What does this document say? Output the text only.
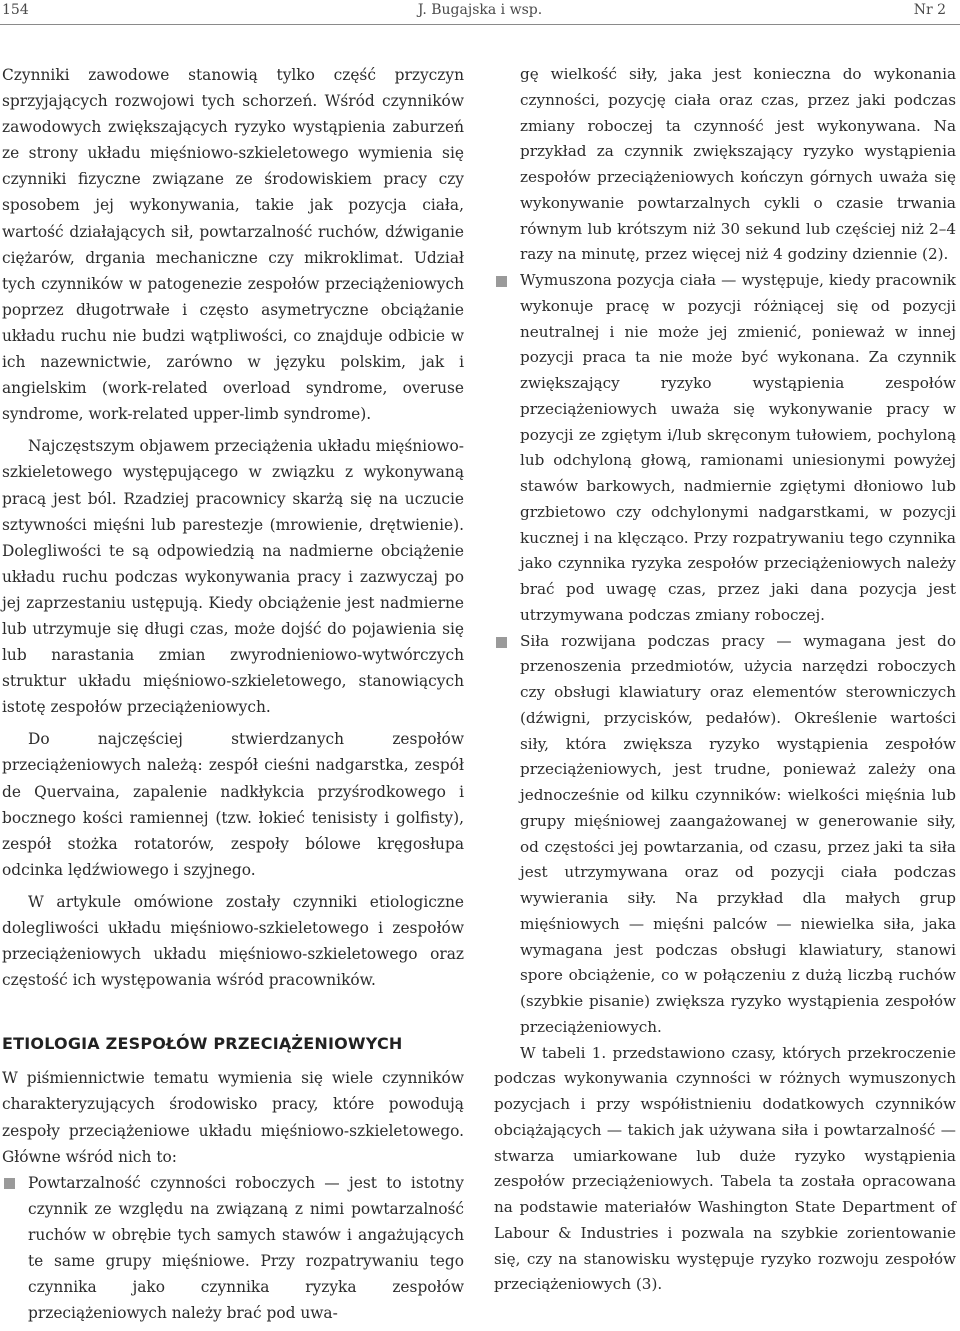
154	J. Bugajska i wsp.	Nr 2

Czynniki zawodowe stanowią tylko część przyczyn sprzyjających rozwojowi tych schorzeń. Wśród czynników zawodowych zwiększających ryzyko wystąpienia zaburzeń ze strony układu mięśniowo-szkieletowego wymienia się czynniki fizyczne związane ze środowiskiem pracy czy sposobem jej wykonywania, takie jak pozycja ciała, wartość działających sił, powtarzalność ruchów, dźwiganie ciężarów, drgania mechaniczne czy mikroklimat. Udział tych czynników w patogenezie zespołów przeciążeniowych poprzez długotrwałe i często asymetryczne obciążanie układu ruchu nie budzi wątpliwości, co znajduje odbicie w ich nazewnictwie, zarówno w języku polskim, jak i angielskim (work-related overload syndrome, overuse syndrome, work-related upper-limb syndrome).

Najczęstszym objawem przeciążenia układu mięśniowo-szkieletowego występującego w związku z wykonywaną pracą jest ból. Rzadziej pracownicy skarżą się na uczucie sztywności mięśni lub parestezje (mrowienie, drętwienie). Dolegliwości te są odpowiedzią na nadmierne obciążenie układu ruchu podczas wykonywania pracy i zazwyczaj po jej zaprzestaniu ustępują. Kiedy obciążenie jest nadmierne lub utrzymuje się długi czas, może dojść do pojawienia się lub narastania zmian zwyrodnieniowo-wytwórczych struktur układu mięśniowo-szkieletowego, stanowiących istotę zespołów przeciążeniowych.

Do najczęściej stwierdzanych zespołów przeciążeniowych należą: zespół cieśni nadgarstka, zespół de Quervaina, zapalenie nadkłykcia przyśrodkowego i bocznego kości ramiennej (tzw. łokieć tenisisty i golfisty), zespół stożka rotatorów, zespoły bólowe kręgosłupa odcinka lędźwiowego i szyjnego.

W artykule omówione zostały czynniki etiologiczne dolegliwości układu mięśniowo-szkieletowego i zespołów przeciążeniowych układu mięśniowo-szkieletowego oraz częstość ich występowania wśród pracowników.

ETIOLOGIA ZESPOŁÓW PRZECIĄŻENIOWYCH

W piśmiennictwie tematu wymienia się wiele czynników charakteryzujących środowisko pracy, które powodują zespoły przeciążeniowe układu mięśniowo-szkieletowego. Główne wśród nich to:

Powtarzalność czynności roboczych — jest to istotny czynnik ze względu na związaną z nimi powtarzalność ruchów w obrębie tych samych stawów i angażujących te same grupy mięśniowe. Przy rozpatrywaniu tego czynnika jako czynnika ryzyka zespołów przeciążeniowych należy brać pod uwa-

gę wielkość siły, jaka jest konieczna do wykonania czynności, pozycję ciała oraz czas, przez jaki podczas zmiany roboczej ta czynność jest wykonywana. Na przykład za czynnik zwiększający ryzyko wystąpienia zespołów przeciążeniowych kończyn górnych uważa się wykonywanie powtarzalnych cykli o czasie trwania równym lub krótszym niż 30 sekund lub częściej niż 2–4 razy na minutę, przez więcej niż 4 godziny dziennie (2).

Wymuszona pozycja ciała — występuje, kiedy pracownik wykonuje pracę w pozycji różniącej się od pozycji neutralnej i nie może jej zmienić, ponieważ w innej pozycji praca ta nie może być wykonana. Za czynnik zwiększający ryzyko wystąpienia zespołów przeciążeniowych uważa się wykonywanie pracy w pozycji ze zgiętym i/lub skręconym tułowiem, pochyloną lub odchyloną głową, ramionami uniesionymi powyżej stawów barkowych, nadmiernie zgiętymi dłoniowo lub grzbietowo czy odchylonymi nadgarstkami, w pozycji kucznej i na klęcząco. Przy rozpatrywaniu tego czynnika jako czynnika ryzyka zespołów przeciążeniowych należy brać pod uwagę czas, przez jaki dana pozycja jest utrzymywana podczas zmiany roboczej.

Siła rozwijana podczas pracy — wymagana jest do przenoszenia przedmiotów, użycia narzędzi roboczych czy obsługi klawiatury oraz elementów sterowniczych (dźwigni, przycisków, pedałów). Określenie wartości siły, która zwiększa ryzyko wystąpienia zespołów przeciążeniowych, jest trudne, ponieważ zależy ona jednocześnie od kilku czynników: wielkości mięśnia lub grupy mięśniowej zaangażowanej w generowanie siły, od częstości jej powtarzania, od czasu, przez jaki ta siła jest utrzymywana oraz od pozycji ciała podczas wywierania siły. Na przykład dla małych grup mięśniowych — mięśni palców — niewielka siła, jaka wymagana jest podczas obsługi klawiatury, stanowi spore obciążenie, co w połączeniu z dużą liczbą ruchów (szybkie pisanie) zwiększa ryzyko wystąpienia zespołów przeciążeniowych.

W tabeli 1. przedstawiono czasy, których przekroczenie podczas wykonywania czynności w różnych wymuszonych pozycjach i przy współistnieniu dodatkowych czynników obciążających — takich jak używana siła i powtarzalność — stwarza umiarkowane lub duże ryzyko wystąpienia zespołów przeciążeniowych. Tabela ta została opracowana na podstawie materiałów Washington State Department of Labour & Industries i pozwala na szybkie zorientowanie się, czy na stanowisku występuje ryzyko rozwoju zespołów przeciążeniowych (3).
